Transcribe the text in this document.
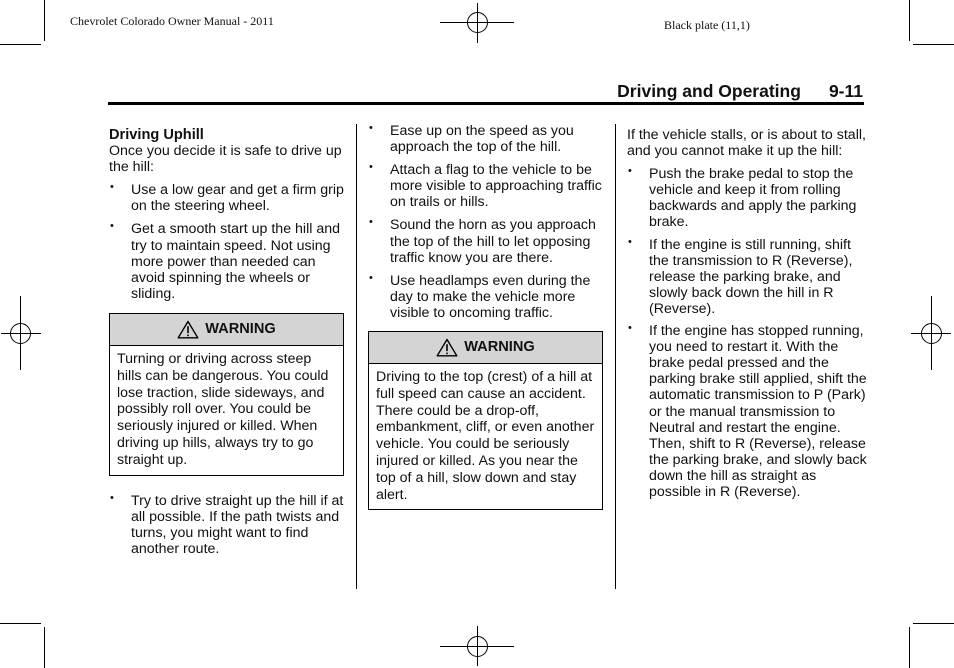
Chevrolet Colorado Owner Manual - 2011	Black plate (11,1)
Driving and Operating 9-11

Driving Uphill

Once you decide it is safe to drive up the hill:

• Use a low gear and get a firm grip on the steering wheel.
• Get a smooth start up the hill and try to maintain speed. Not using more power than needed can avoid spinning the wheels or sliding.
WARNING
Turning or driving across steep hills can be dangerous. You could lose traction, slide sideways, and possibly roll over. You could be seriously injured or killed. When driving up hills, always try to go straight up.
• Try to drive straight up the hill if at all possible. If the path twists and turns, you might want to find another route.
• Ease up on the speed as you approach the top of the hill.
• Attach a flag to the vehicle to be more visible to approaching traffic on trails or hills.
• Sound the horn as you approach the top of the hill to let opposing traffic know you are there.
• Use headlamps even during the day to make the vehicle more visible to oncoming traffic.
WARNING
Driving to the top (crest) of a hill at full speed can cause an accident. There could be a drop-off, embankment, cliff, or even another vehicle. You could be seriously injured or killed. As you near the top of a hill, slow down and stay alert.

If the vehicle stalls, or is about to stall, and you cannot make it up the hill:

• Push the brake pedal to stop the vehicle and keep it from rolling backwards and apply the parking brake.
• If the engine is still running, shift the transmission to R (Reverse), release the parking brake, and slowly back down the hill in R (Reverse).
• If the engine has stopped running, you need to restart it. With the brake pedal pressed and the parking brake still applied, shift the automatic transmission to P (Park) or the manual transmission to Neutral and restart the engine. Then, shift to R (Reverse), release the parking brake, and slowly back down the hill as straight as possible in R (Reverse).
